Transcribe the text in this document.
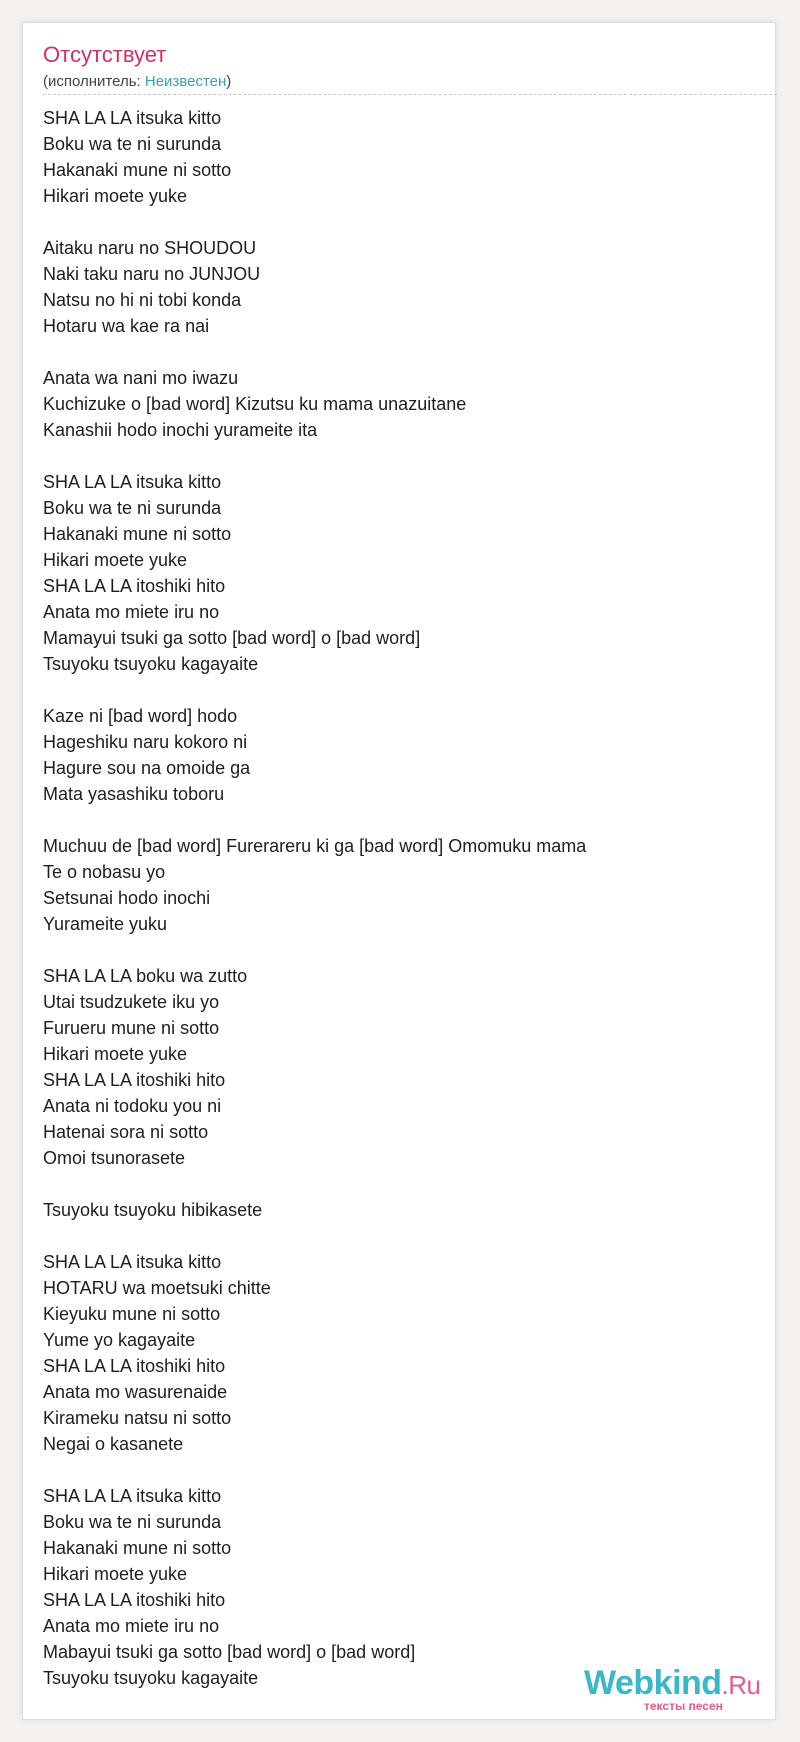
Отсутствует
(исполнитель: Неизвестен)
SHA LA LA itsuka kitto
Boku wa te ni surunda
Hakanaki mune ni sotto
Hikari moete yuke
Aitaku naru no SHOUDOU
Naki taku naru no JUNJOU
Natsu no hi ni tobi konda
Hotaru wa kae ra nai
Anata wa nani mo iwazu
Kuchizuke o [bad word] Kizutsu ku mama unazuitane
Kanashii hodo inochi yurameite ita
SHA LA LA itsuka kitto
Boku wa te ni surunda
Hakanaki mune ni sotto
Hikari moete yuke
SHA LA LA itoshiki hito
Anata mo miete iru no
Mamayui tsuki ga sotto [bad word] o [bad word]
Tsuyoku tsuyoku kagayaite
Kaze ni [bad word] hodo
Hageshiku naru kokoro ni
Hagure sou na omoide ga
Mata yasashiku toboru
Muchuu de [bad word] Furerareru ki ga [bad word] Omomuku mama
Te o nobasu yo
Setsunai hodo inochi
Yurameite yuku
SHA LA LA boku wa zutto
Utai tsudzukete iku yo
Furueru mune ni sotto
Hikari moete yuke
SHA LA LA itoshiki hito
Anata ni todoku you ni
Hatenai sora ni sotto
Omoi tsunorasete
Tsuyoku tsuyoku hibikasete
SHA LA LA itsuka kitto
HOTARU wa moetsuki chitte
Kieyuku mune ni sotto
Yume yo kagayaite
SHA LA LA itoshiki hito
Anata mo wasurenaide
Kirameku natsu ni sotto
Negai o kasanete
SHA LA LA itsuka kitto
Boku wa te ni surunda
Hakanaki mune ni sotto
Hikari moete yuke
SHA LA LA itoshiki hito
Anata mo miete iru no
Mabayui tsuki ga sotto [bad word] o [bad word]
Tsuyoku tsuyoku kagayaite	Webkind.Ru
тексты песен
